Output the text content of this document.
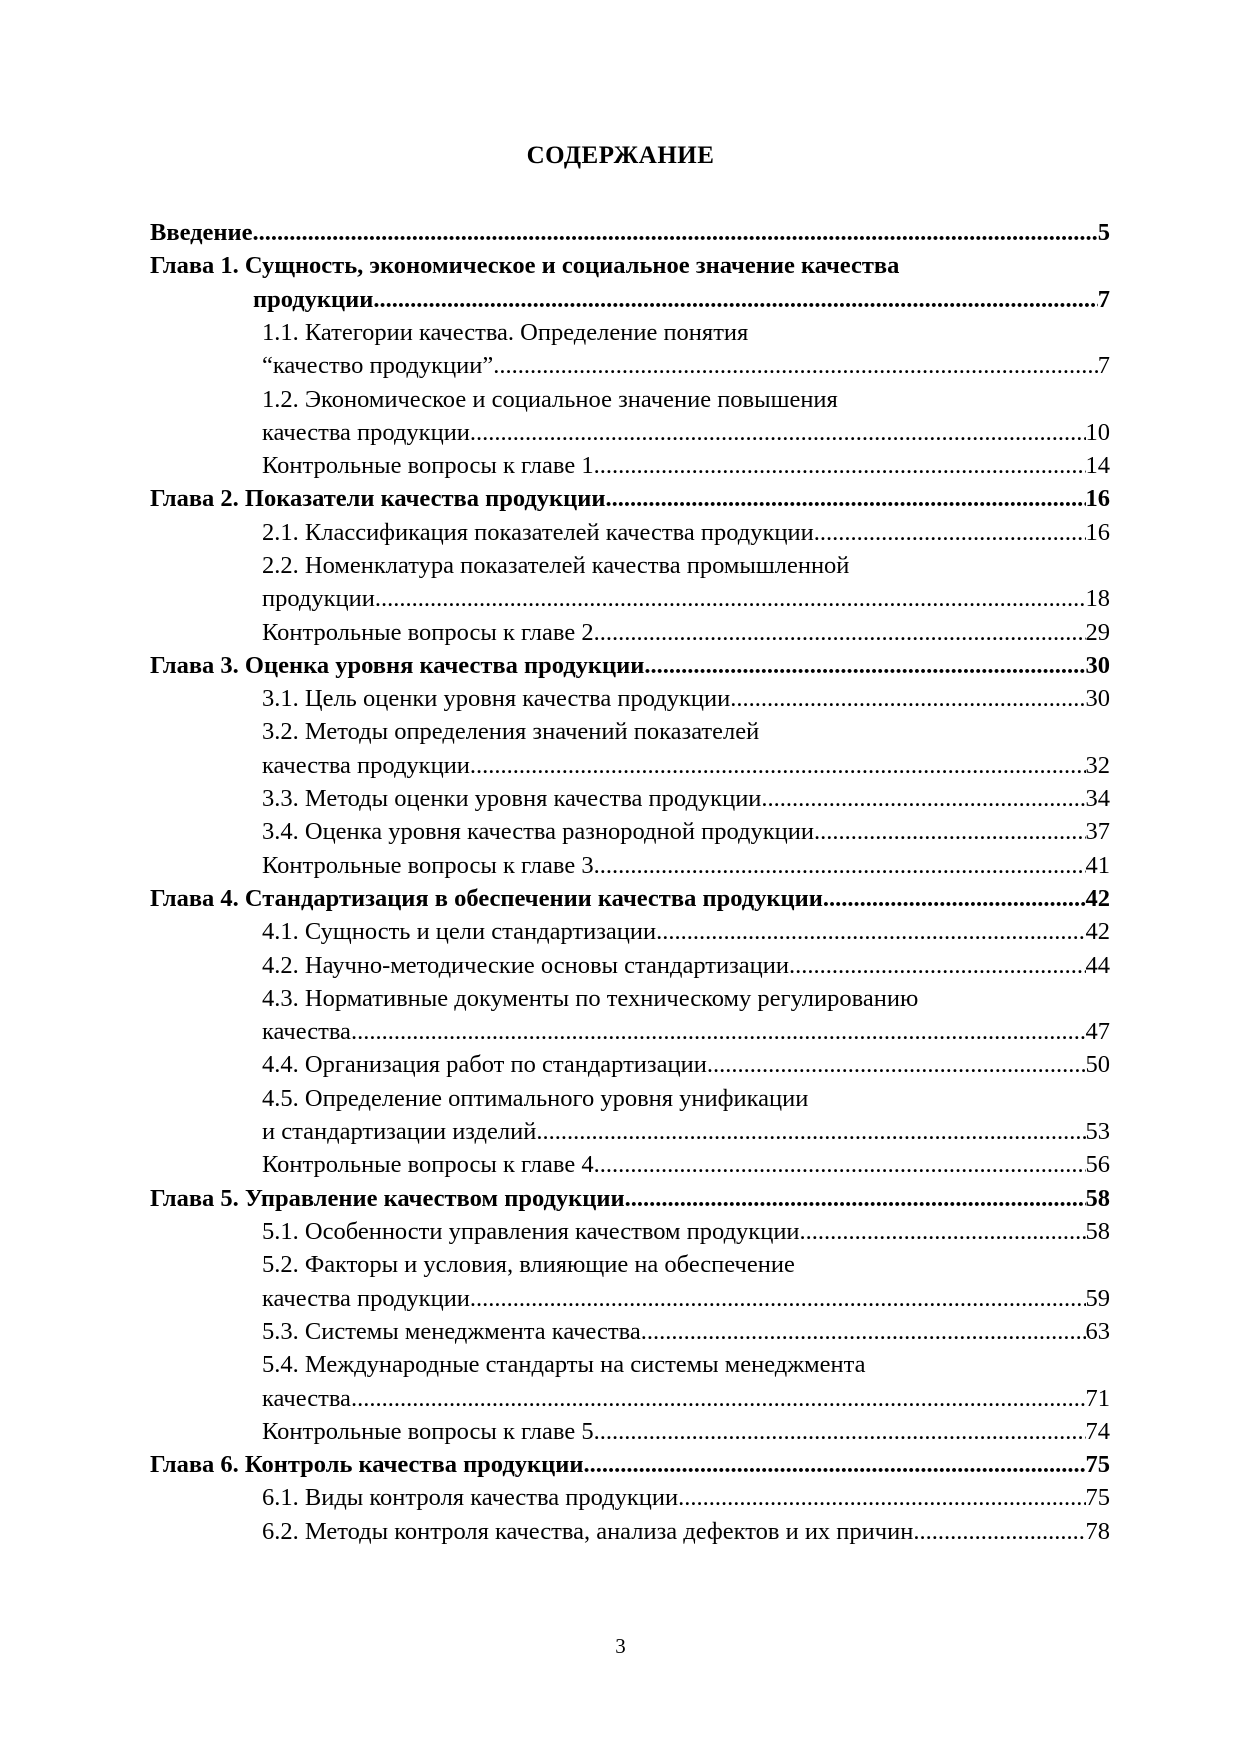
СОДЕРЖАНИЕ
Введение .....	5
Глава 1. Сущность, экономическое и социальное значение качества
продукции .....	7
1.1. Категории качества. Определение понятия
“качество продукции” .....	7
1.2. Экономическое и социальное значение повышения
качества продукции .....	10
Контрольные вопросы к главе 1 .....	14
Глава 2. Показатели качества продукции .....	16
2.1. Классификация показателей качества продукции .....	16
2.2. Номенклатура показателей качества промышленной
продукции .....	18
Контрольные вопросы к главе 2 .....	29
Глава 3. Оценка уровня качества продукции .....	30
3.1. Цель оценки уровня качества продукции .....	30
3.2. Методы определения значений показателей
качества продукции .....	32
3.3. Методы оценки уровня качества продукции .....	34
3.4. Оценка уровня качества разнородной продукции .....	37
Контрольные вопросы к главе 3 .....	41
Глава 4. Стандартизация в обеспечении качества продукции .....	42
4.1. Сущность и цели стандартизации .....	42
4.2. Научно-методические основы стандартизации .....	44
4.3. Нормативные документы по техническому регулированию
качества .....	47
4.4. Организация работ по стандартизации .....	50
4.5. Определение оптимального уровня унификации
и стандартизации изделий .....	53
Контрольные вопросы к главе 4 .....	56
Глава 5. Управление качеством продукции .....	58
5.1. Особенности управления качеством продукции .....	58
5.2. Факторы и условия, влияющие на обеспечение
качества продукции .....	59
5.3. Системы менеджмента качества .....	63
5.4. Международные стандарты на системы менеджмента
качества .....	71
Контрольные вопросы к главе 5 .....	74
Глава 6. Контроль качества продукции .....	75
6.1. Виды контроля качества продукции .....	75
6.2. Методы контроля качества, анализа дефектов и их причин .....	78
3
